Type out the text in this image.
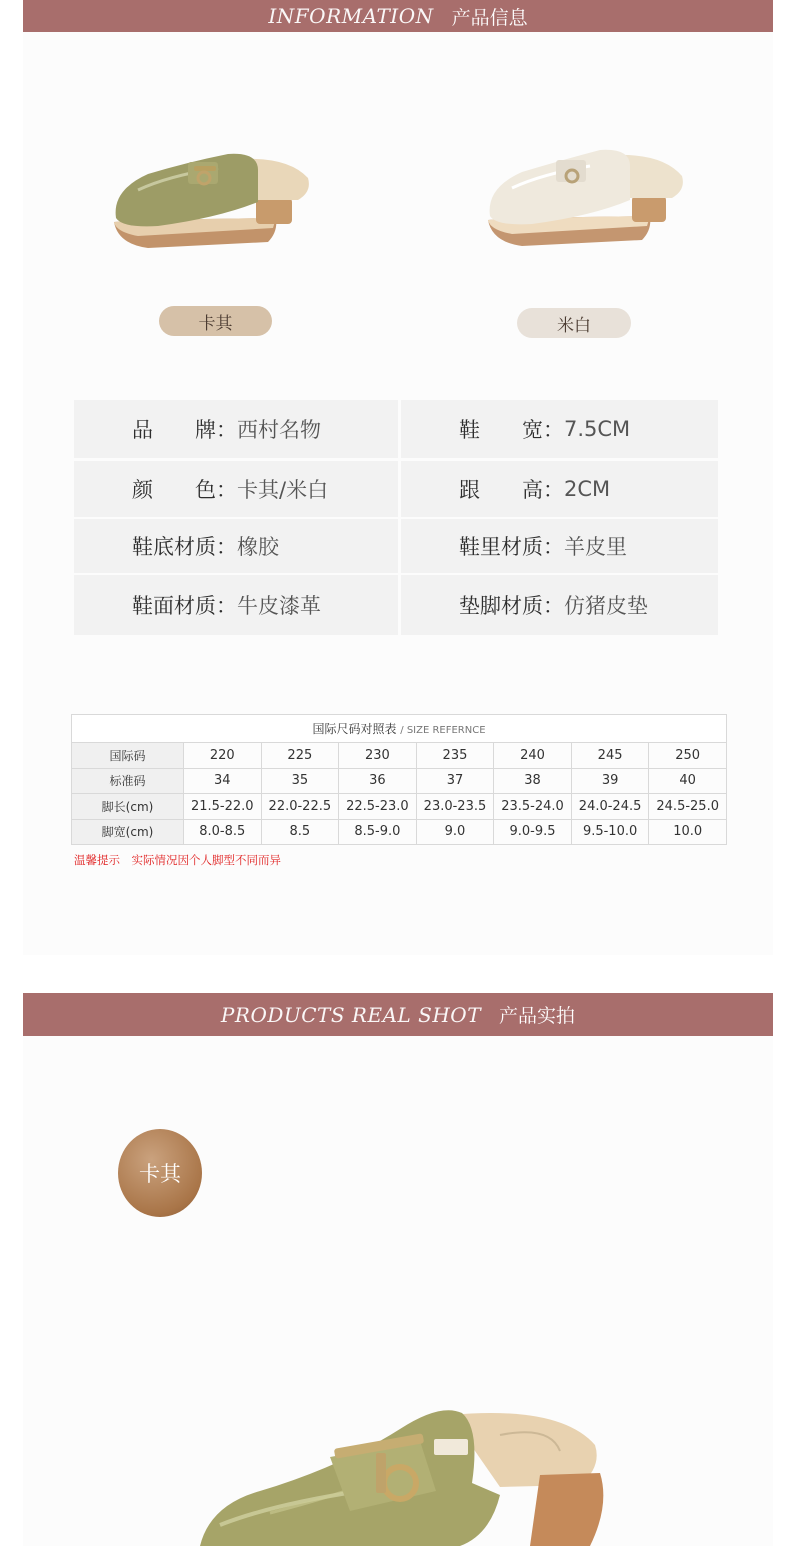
INFORMATION 产品信息
卡其	米白
品　　牌： 西村名物	鞋　　宽： 7.5CM
颜　　色： 卡其/米白	跟　　高： 2CM
鞋底材质： 橡胶	鞋里材质： 羊皮里
鞋面材质： 牛皮漆革	垫脚材质： 仿猪皮垫
国际尺码对照表 / SIZE REFERNCE							
国际码	220	225	230	235	240	245	250
标准码	34	35	36	37	38	39	40
脚长(cm)	21.5-22.0	22.0-22.5	22.5-23.0	23.0-23.5	23.5-24.0	24.0-24.5	24.5-25.0
脚宽(cm)	8.0-8.5	8.5	8.5-9.0	9.0	9.0-9.5	9.5-10.0	10.0
温馨提示　实际情况因个人脚型不同而异
PRODUCTS REAL SHOT 产品实拍
卡其
